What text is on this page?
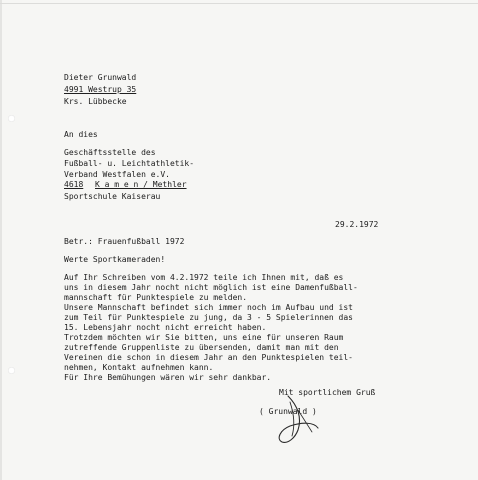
Dieter Grunwald

4991 Westrup 35

Krs. Lübbecke

An dies

Geschäftsstelle des

Fußball- u. Leichtathletik-

Verband Westfalen e.V.

4618 K a m e n / Methler

Sportschule Kaiserau

29.2.1972

Betr.: Frauenfußball 1972

Werte Sportkameraden!

Auf Ihr Schreiben vom 4.2.1972 teile ich Ihnen mit, daß es

uns in diesem Jahr nocht nicht möglich ist eine Damenfußball-

mannschaft für Punktespiele zu melden.

Unsere Mannschaft befindet sich immer noch im Aufbau und ist

zum Teil für Punktespiele zu jung, da 3 - 5 Spielerinnen das

15. Lebensjahr nocht nicht erreicht haben.

Trotzdem möchten wir Sie bitten, uns eine für unseren Raum

zutreffende Gruppenliste zu übersenden, damit man mit den

Vereinen die schon in diesem Jahr an den Punktespielen teil-

nehmen, Kontakt aufnehmen kann.

Für Ihre Bemühungen wären wir sehr dankbar.

Mit sportlichem Gruß

( Grunwald )
